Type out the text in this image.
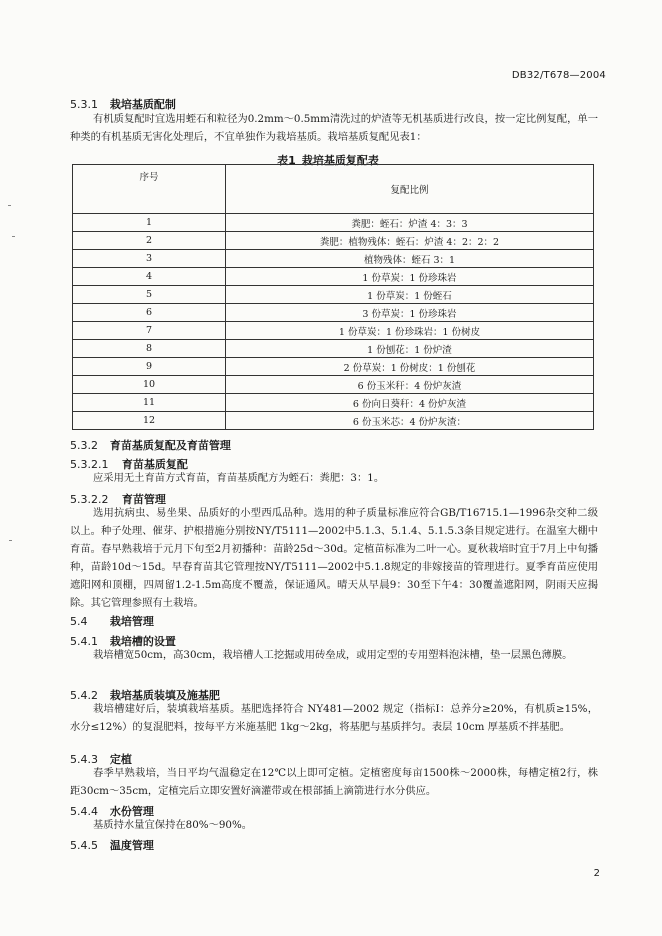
DB32/T678—2004
5.3.1 栽培基质配制
有机质复配时宜选用蛭石和粒径为0.2mm～0.5mm清洗过的炉渣等无机基质进行改良，按一定比例复配，单一种类的有机基质无害化处理后，不宜单独作为栽培基质。栽培基质复配见表1：
表1 栽培基质复配表
序号	复配比例
1	粪肥：蛭石：炉渣 4：3：3
2	粪肥：植物残体：蛭石：炉渣 4：2：2：2
3	植物残体：蛭石 3：1
4	1 份草炭：1 份珍珠岩
5	1 份草炭：1 份蛭石
6	3 份草炭：1 份珍珠岩
7	1 份草炭：1 份珍珠岩：1 份树皮
8	1 份刨花：1 份炉渣
9	2 份草炭：1 份树皮：1 份刨花
10	6 份玉米秆：4 份炉灰渣
11	6 份向日葵秆：4 份炉灰渣
12	6 份玉米芯：4 份炉灰渣：
5.3.2 育苗基质复配及育苗管理
5.3.2.1 育苗基质复配
应采用无土育苗方式育苗，育苗基质配方为蛭石：粪肥：3：1。
5.3.2.2 育苗管理
选用抗病虫、易坐果、品质好的小型西瓜品种。选用的种子质量标准应符合GB/T16715.1—1996杂交种二级以上。种子处理、催芽、护根措施分别按NY/T5111—2002中5.1.3、5.1.4、5.1.5.3条目规定进行。在温室大棚中育苗。春早熟栽培于元月下旬至2月初播种：苗龄25d～30d。定植苗标准为二叶一心。夏秋栽培时宜于7月上中旬播种，苗龄10d～15d。早春育苗其它管理按NY/T5111—2002中5.1.8规定的非嫁接苗的管理进行。夏季育苗应使用遮阳网和顶棚，四周留1.2-1.5m高度不覆盖，保证通风。晴天从早晨9：30至下午4：30覆盖遮阳网，阴雨天应揭除。其它管理参照有土栽培。
5.4 栽培管理
5.4.1 栽培槽的设置
栽培槽宽50cm，高30cm，栽培槽人工挖掘或用砖垒成，或用定型的专用塑料泡沫槽，垫一层黑色薄膜。
5.4.2 栽培基质装填及施基肥
栽培槽建好后，装填栽培基质。基肥选择符合 NY481—2002 规定（指标Ⅰ：总养分≥20%，有机质≥15%，水分≤12%）的复混肥料，按每平方米施基肥 1kg～2kg，将基肥与基质拌匀。表层 10cm 厚基质不拌基肥。
5.4.3 定植
春季早熟栽培，当日平均气温稳定在12℃以上即可定植。定植密度每亩1500株～2000株，每槽定植2行，株距30cm～35cm，定植完后立即安置好滴灌带或在根部插上滴箭进行水分供应。
5.4.4 水份管理
基质持水量宜保持在80%～90%。
5.4.5 温度管理
2
